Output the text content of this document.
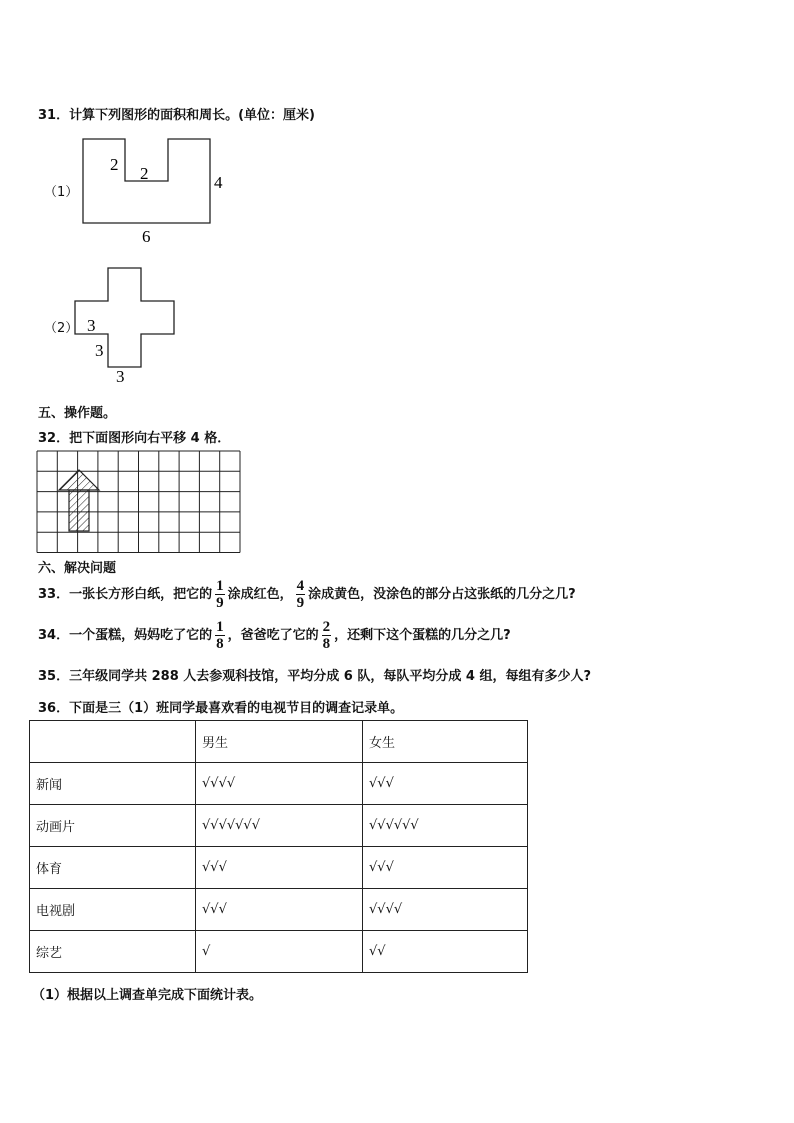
31．计算下列图形的面积和周长。(单位：厘米)
（1）
2 2	4
6
（2） 3
3
3
五、操作题。
32．把下面图形向右平移 4 格．
六、解决问题
33．一张长方形白纸，把它的 $\frac{1}{9}$ 涂成红色， $\frac{4}{9}$ 涂成黄色，没涂色的部分占这张纸的几分之几?
34．一个蛋糕，妈妈吃了它的 $\frac{1}{8}$ ，爸爸吃了它的 $\frac{2}{8}$ ，还剩下这个蛋糕的几分之几?
35．三年级同学共 288 人去参观科技馆，平均分成 6 队，每队平均分成 4 组，每组有多少人?
36．下面是三（1）班同学最喜欢看的电视节目的调查记录单。
	男生	女生
新闻	√√√√	√√√
动画片	√√√√√√√	√√√√√√
体育	√√√	√√√
电视剧	√√√	√√√√
综艺	√	√√
（1）根据以上调查单完成下面统计表。
